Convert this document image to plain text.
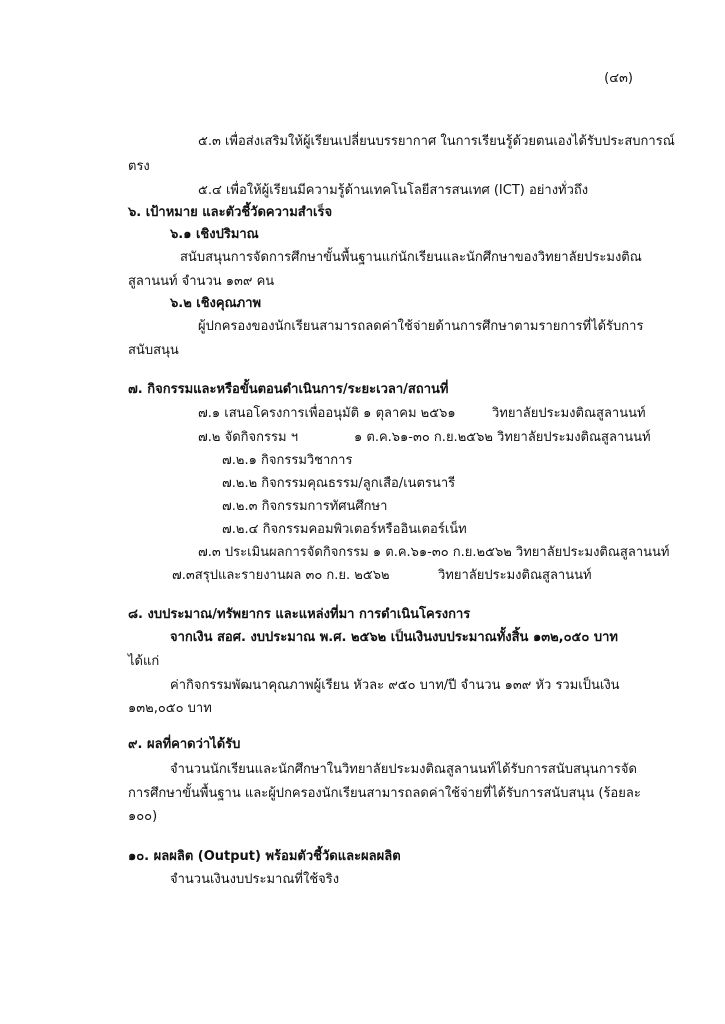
(๔๓)
๕.๓ เพื่อส่งเสริมให้ผู้เรียนเปลี่ยนบรรยากาศ ในการเรียนรู้ด้วยตนเองได้รับประสบการณ์
ตรง
๕.๔ เพื่อให้ผู้เรียนมีความรู้ด้านเทคโนโลยีสารสนเทศ (ICT) อย่างทั่วถึง
๖. เป้าหมาย และตัวชี้วัดความสำเร็จ
๖.๑ เชิงปริมาณ
สนับสนุนการจัดการศึกษาขั้นพื้นฐานแก่นักเรียนและนักศึกษาของวิทยาลัยประมงติณ
สูลานนท์ จำนวน ๑๓๙ คน
๖.๒ เชิงคุณภาพ
ผู้ปกครองของนักเรียนสามารถลดค่าใช้จ่ายด้านการศึกษาตามรายการที่ได้รับการ
สนับสนุน
๗. กิจกรรมและหรือขั้นตอนดำเนินการ/ระยะเวลา/สถานที่
๗.๑ เสนอโครงการเพื่ออนุมัติ ๑ ตุลาคม ๒๕๖๑	วิทยาลัยประมงติณสูลานนท์
๗.๒ จัดกิจกรรม ฯ	๑ ต.ค.๖๑-๓๐ ก.ย.๒๕๖๒ วิทยาลัยประมงติณสูลานนท์
๗.๒.๑ กิจกรรมวิชาการ
๗.๒.๒ กิจกรรมคุณธรรม/ลูกเสือ/เนตรนารี
๗.๒.๓ กิจกรรมการทัศนศึกษา
๗.๒.๔ กิจกรรมคอมพิวเตอร์หรืออินเตอร์เน็ท
๗.๓ ประเมินผลการจัดกิจกรรม ๑ ต.ค.๖๑-๓๐ ก.ย.๒๕๖๒ วิทยาลัยประมงติณสูลานนท์
๗.๓สรุปและรายงานผล ๓๐ ก.ย. ๒๕๖๒	วิทยาลัยประมงติณสูลานนท์
๘. งบประมาณ/ทรัพยากร และแหล่งที่มา การดำเนินโครงการ
จากเงิน สอศ. งบประมาณ พ.ศ. ๒๕๖๒ เป็นเงินงบประมาณทั้งสิ้น ๑๓๒,๐๕๐ บาท
ได้แก่
ค่ากิจกรรมพัฒนาคุณภาพผู้เรียน หัวละ ๙๕๐ บาท/ปี จำนวน ๑๓๙ หัว รวมเป็นเงิน
๑๓๒,๐๕๐ บาท
๙. ผลที่คาดว่าได้รับ
จำนวนนักเรียนและนักศึกษาในวิทยาลัยประมงติณสูลานนท์ได้รับการสนับสนุนการจัด
การศึกษาขั้นพื้นฐาน และผู้ปกครองนักเรียนสามารถลดค่าใช้จ่ายที่ได้รับการสนับสนุน (ร้อยละ
๑๐๐)
๑๐. ผลผลิต (Output) พร้อมตัวชี้วัดและผลผลิต
จำนวนเงินงบประมาณที่ใช้จริง
